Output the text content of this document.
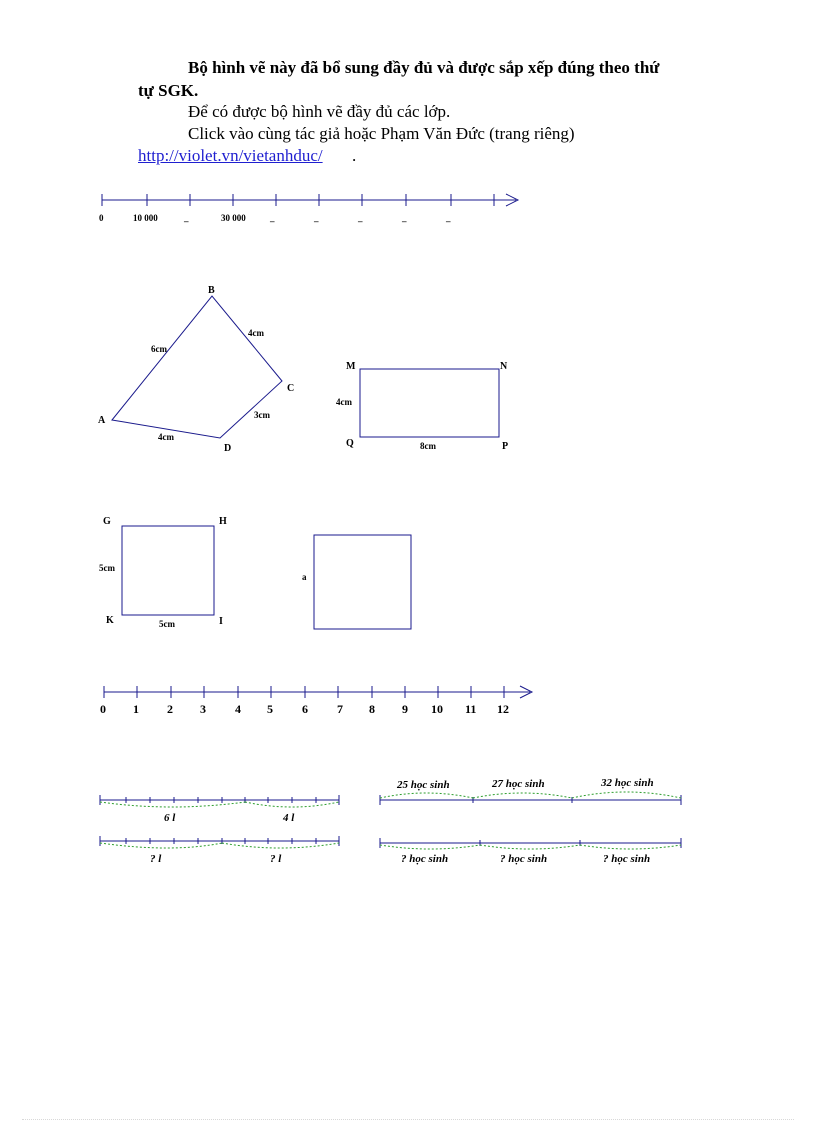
Bộ hình vẽ này đã bổ sung đầy đủ và được sắp xếp đúng theo thứ
tự SGK.
Để có được bộ hình vẽ đầy đủ các lớp.
Click vào cùng tác giả hoặc Phạm Văn Đức (trang riêng)
http://violet.vn/vietanhduc/ .
0	10 000	_	30 000	_	_	_	_	_
A
B
C
D
6cm
4cm
3cm
4cm
M	N
P
Q
4cm
8cm
G	H
I
K
5cm
5cm
a
0 1 2 3 4 5 6 7 8 9 10 11 12
6 l	4 l
? l	? l
25 học sinh	27 học sinh	32 học sinh
? học sinh	? học sinh	? học sinh
